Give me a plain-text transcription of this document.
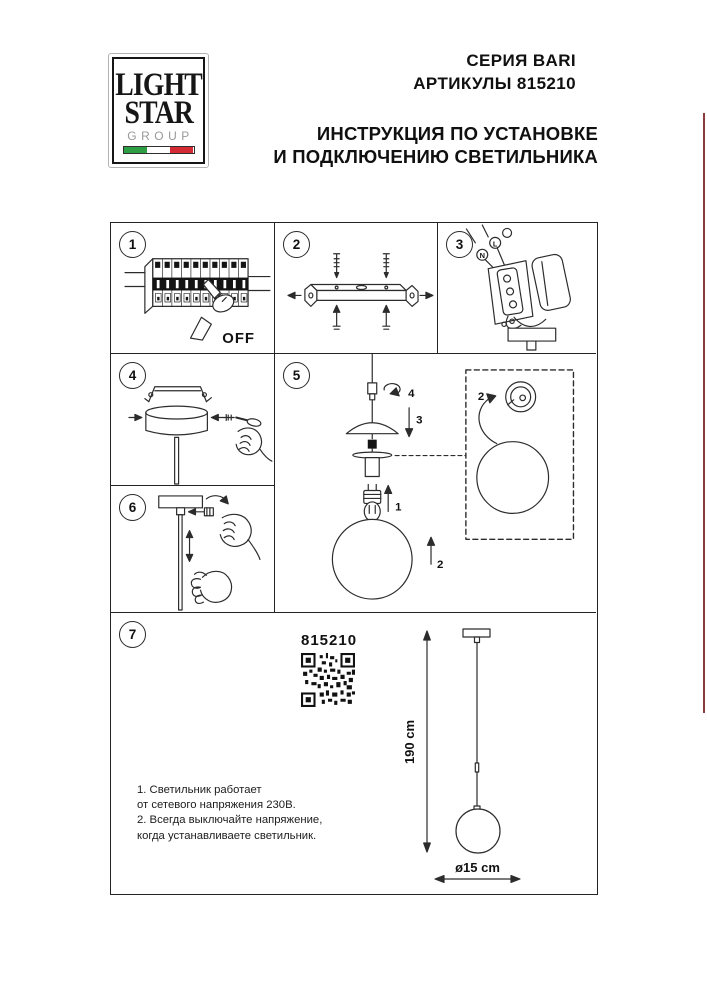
LIGHT
STAR
GROUP
СЕРИЯ BARI
АРТИКУЛЫ 815210
ИНСТРУКЦИЯ ПО УСТАНОВКЕ
И ПОДКЛЮЧЕНИЮ СВЕТИЛЬНИКА
1
OFF
2	3
N
L
4	5
4
3
1
2
2
6
7	815210
190 cm
ø15 cm
1. Светильник работает
от сетевого напряжения 230В.
2. Всегда выключайте напряжение,
когда устанавливаете светильник.
